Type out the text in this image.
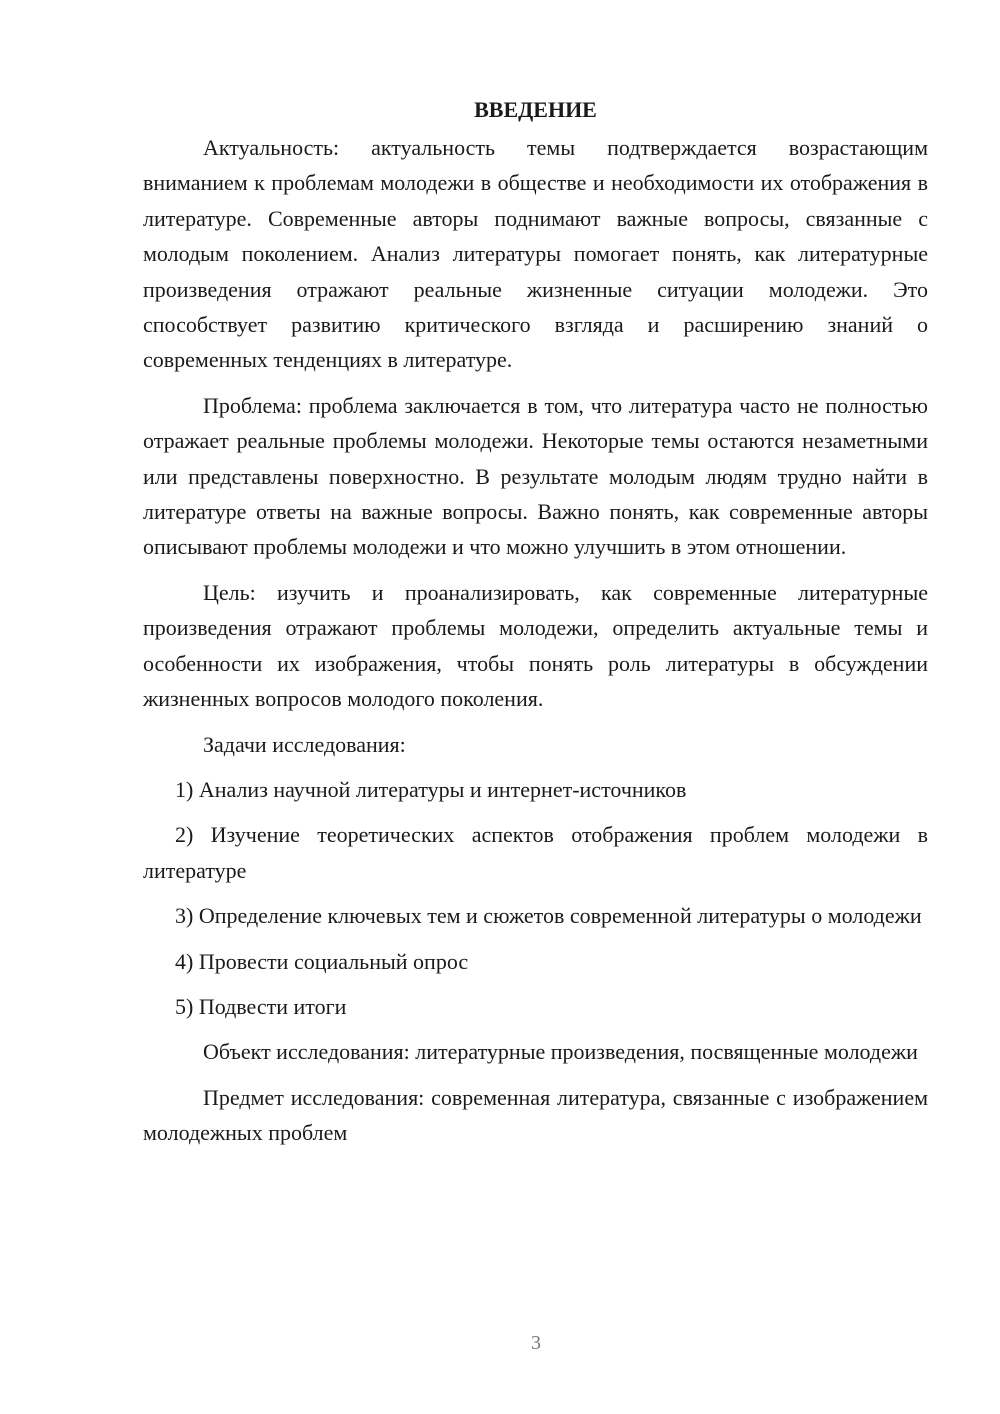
ВВЕДЕНИЕ

Актуальность: актуальность темы подтверждается возрастающим вниманием к проблемам молодежи в обществе и необходимости их отображения в литературе. Современные авторы поднимают важные вопросы, связанные с молодым поколением. Анализ литературы помогает понять, как литературные произведения отражают реальные жизненные ситуации молодежи. Это способствует развитию критического взгляда и расширению знаний о современных тенденциях в литературе.

Проблема: проблема заключается в том, что литература часто не полностью отражает реальные проблемы молодежи. Некоторые темы остаются незаметными или представлены поверхностно. В результате молодым людям трудно найти в литературе ответы на важные вопросы. Важно понять, как современные авторы описывают проблемы молодежи и что можно улучшить в этом отношении.

Цель: изучить и проанализировать, как современные литературные произведения отражают проблемы молодежи, определить актуальные темы и особенности их изображения, чтобы понять роль литературы в обсуждении жизненных вопросов молодого поколения.

Задачи исследования:

1) Анализ научной литературы и интернет-источников

2) Изучение теоретических аспектов отображения проблем молодежи в литературе

3) Определение ключевых тем и сюжетов современной литературы о молодежи

4) Провести социальный опрос

5) Подвести итоги

Объект исследования: литературные произведения, посвященные молодежи

Предмет исследования: современная литература, связанные с изображением молодежных проблем

3
